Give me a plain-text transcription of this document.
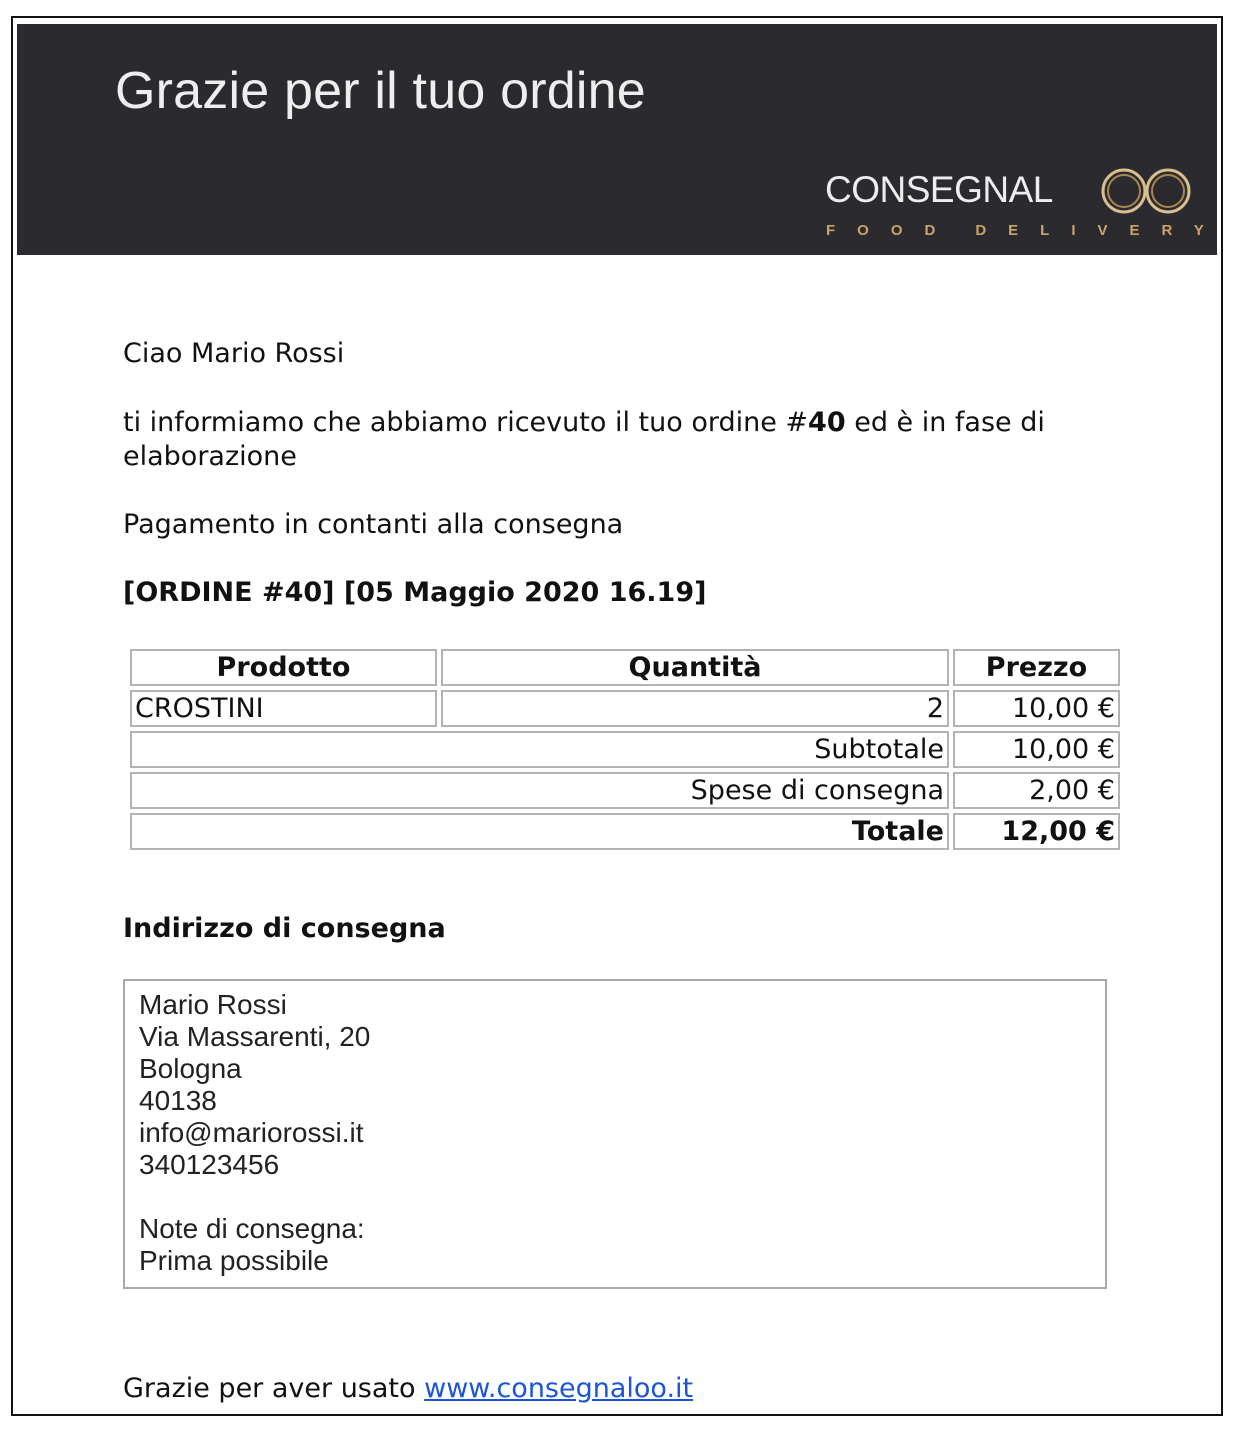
Grazie per il tuo ordine
CONSEGNAL
FOOD DELIVERY

Ciao Mario Rossi

ti informiamo che abbiamo ricevuto il tuo ordine #40 ed è in fase di

elaborazione

Pagamento in contanti alla consegna

[ORDINE #40] [05 Maggio 2020 16.19]

Indirizzo di consegna

Grazie per aver usato www.consegnaloo.it

Prodotto	Quantità	Prezzo
CROSTINI	2	10,00 €
Subtotale		10,00 €
Spese di consegna		2,00 €
Totale		12,00 €
Mario Rossi
Via Massarenti, 20
Bologna
40138
info@mariorossi.it
340123456
Note di consegna:
Prima possibile
